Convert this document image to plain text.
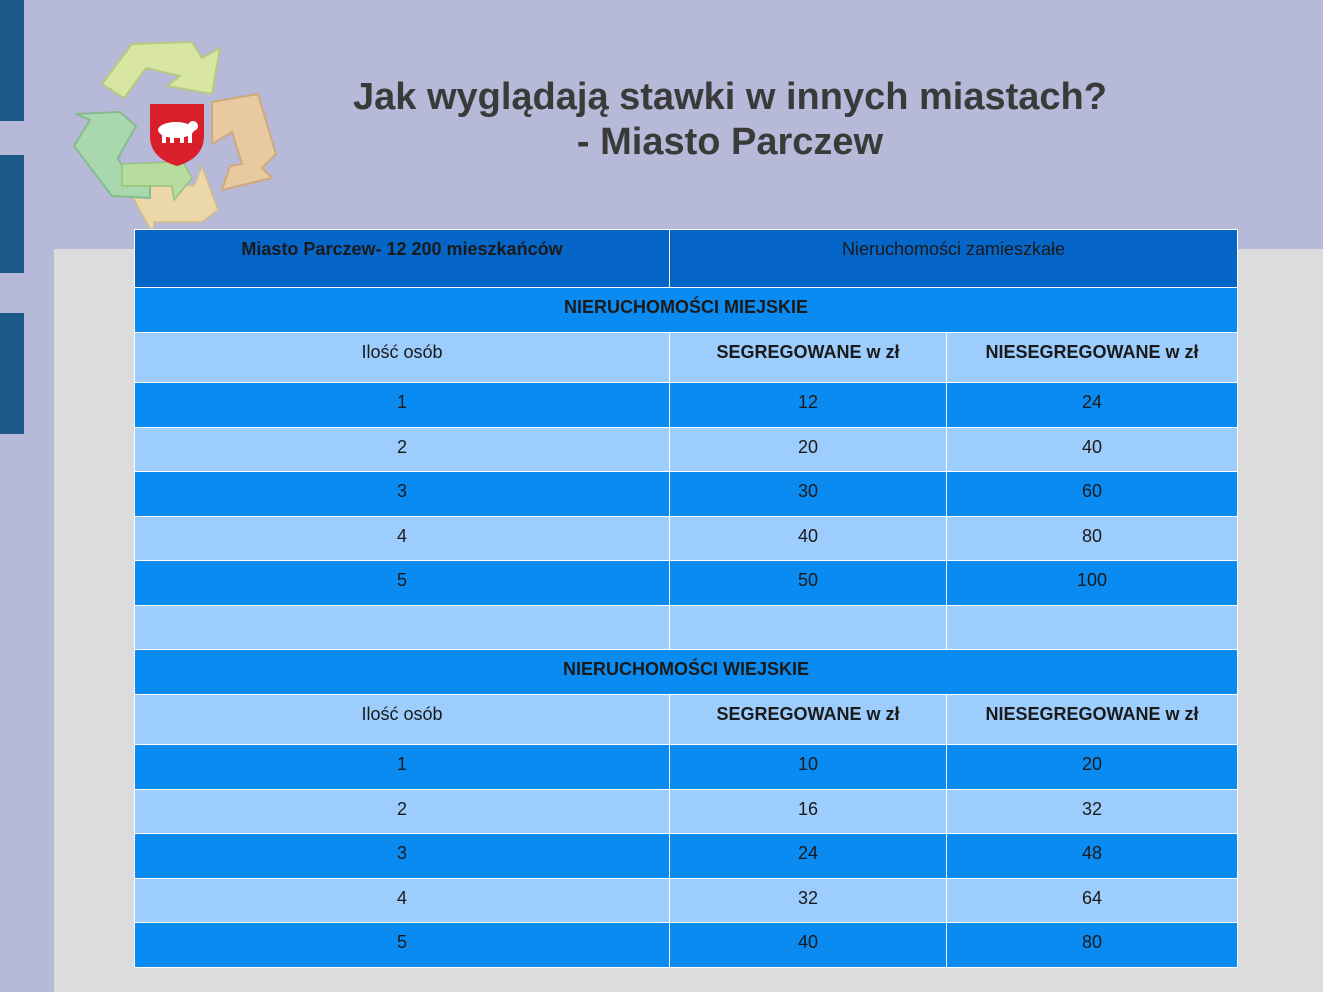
Jak wyglądają stawki w innych miastach?
- Miasto Parczew
Miasto Parczew- 12 200 mieszkańców	Nieruchomości zamieszkałe	
NIERUCHOMOŚCI MIEJSKIE		
Ilość osób	SEGREGOWANE w zł	NIESEGREGOWANE w zł
1	12	24
2	20	40
3	30	60
4	40	80
5	50	100

NIERUCHOMOŚCI WIEJSKIE		
Ilość osób	SEGREGOWANE w zł	NIESEGREGOWANE w zł
1	10	20
2	16	32
3	24	48
4	32	64
5	40	80
